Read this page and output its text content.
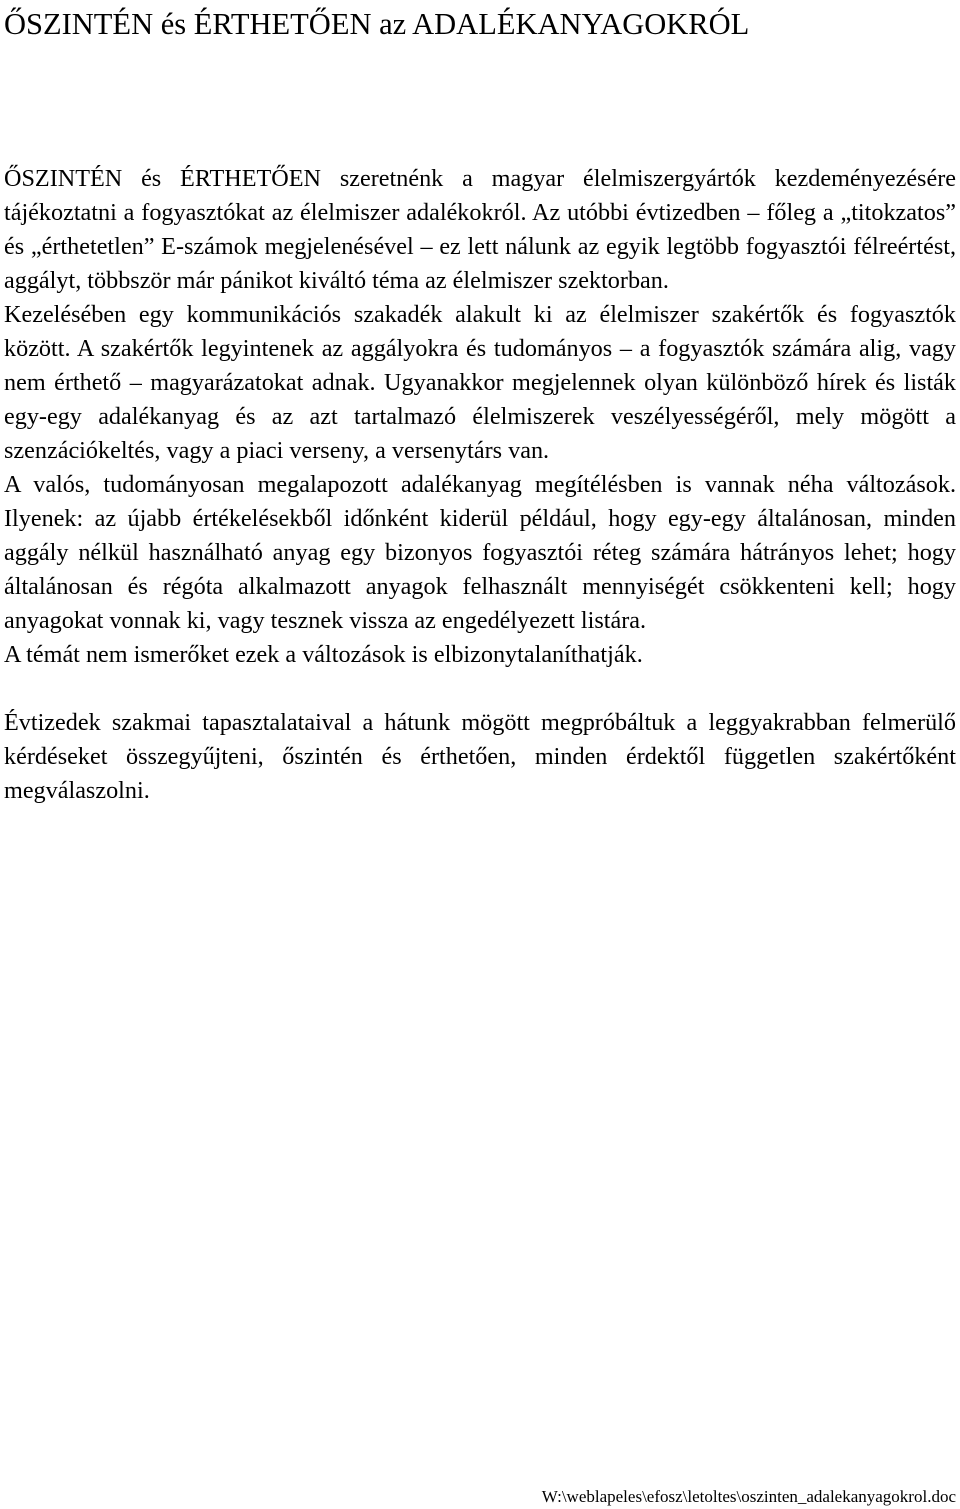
ŐSZINTÉN és ÉRTHETŐEN az ADALÉKANYAGOKRÓL

ŐSZINTÉN és ÉRTHETŐEN szeretnénk a magyar élelmiszergyártók kezdeményezésére tájékoztatni a fogyasztókat az élelmiszer adalékokról. Az utóbbi évtizedben – főleg a „titokzatos” és „érthetetlen” E-számok megjelenésével – ez lett nálunk az egyik legtöbb fogyasztói félreértést, aggályt, többször már pánikot kiváltó téma az élelmiszer szektorban.

Kezelésében egy kommunikációs szakadék alakult ki az élelmiszer szakértők és fogyasztók között. A szakértők legyintenek az aggályokra és tudományos – a fogyasztók számára alig, vagy nem érthető – magyarázatokat adnak. Ugyanakkor megjelennek olyan különböző hírek és listák egy-egy adalékanyag és az azt tartalmazó élelmiszerek veszélyességéről, mely mögött a szenzációkeltés, vagy a piaci verseny, a versenytárs van.

A valós, tudományosan megalapozott adalékanyag megítélésben is vannak néha változások. Ilyenek: az újabb értékelésekből időnként kiderül például, hogy egy-egy általánosan, minden aggály nélkül használható anyag egy bizonyos fogyasztói réteg számára hátrányos lehet; hogy általánosan és régóta alkalmazott anyagok felhasznált mennyiségét csökkenteni kell; hogy anyagokat vonnak ki, vagy tesznek vissza az engedélyezett listára.

A témát nem ismerőket ezek a változások is elbizonytalaníthatják.

Évtizedek szakmai tapasztalataival a hátunk mögött megpróbáltuk a leggyakrabban felmerülő kérdéseket összegyűjteni, őszintén és érthetően, minden érdektől független szakértőként megválaszolni.

W:\weblapeles\efosz\letoltes\oszinten_adalekanyagokrol.doc
